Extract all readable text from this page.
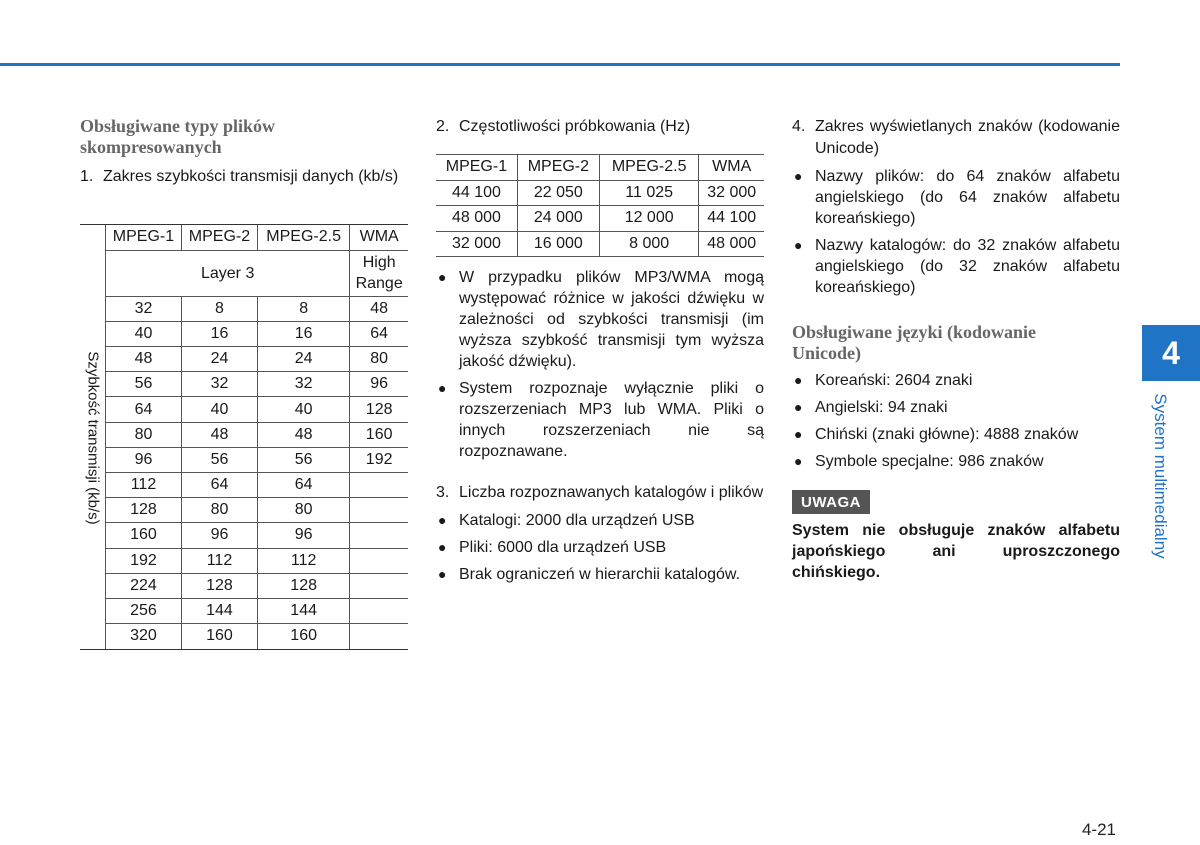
Obsługiwane typy plików
skompresowanych
1. Zakres szybkości transmisji danych (kb/s)
Szybkość transmisji (kb/s)
MPEG-1	MPEG-2	MPEG-2.5	WMA
Layer 3			High
Range

32	8	8	48
40	16	16	64
48	24	24	80
56	32	32	96
64	40	40	128
80	48	48	160
96	56	56	192
112	64	64	
128	80	80	
160	96	96	
192	112	112	
224	128	128	
256	144	144	
320	160	160	
2. Częstotliwości próbkowania (Hz)
MPEG-1	MPEG-2	MPEG-2.5	WMA
44 100	22 050	11 025	32 000
48 000	24 000	12 000	44 100
32 000	16 000	8 000	48 000
● W przypadku plików MP3/WMA mogą występować różnice w jakości dźwięku w zależności od szybkości transmisji (im wyższa szybkość transmisji tym wyższa jakość dźwięku).
● System rozpoznaje wyłącznie pliki o rozszerzeniach MP3 lub WMA. Pliki o innych rozszerzeniach nie są rozpoznawane.
3. Liczba rozpoznawanych katalogów i plików
● Katalogi: 2000 dla urządzeń USB
● Pliki: 6000 dla urządzeń USB
● Brak ograniczeń w hierarchii katalogów.
4. Zakres wyświetlanych znaków (kodowanie Unicode)
● Nazwy plików: do 64 znaków alfabetu angielskiego (do 64 znaków alfabetu koreańskiego)
● Nazwy katalogów: do 32 znaków alfabetu angielskiego (do 32 znaków alfabetu koreańskiego)
Obsługiwane języki (kodowanie
Unicode)
● Koreański: 2604 znaki
● Angielski: 94 znaki
● Chiński (znaki główne): 4888 znaków
● Symbole specjalne: 986 znaków
UWAGA
System nie obsługuje znaków alfabetu japońskiego ani uproszczonego chińskiego.
4
System multimedialny
4-21
